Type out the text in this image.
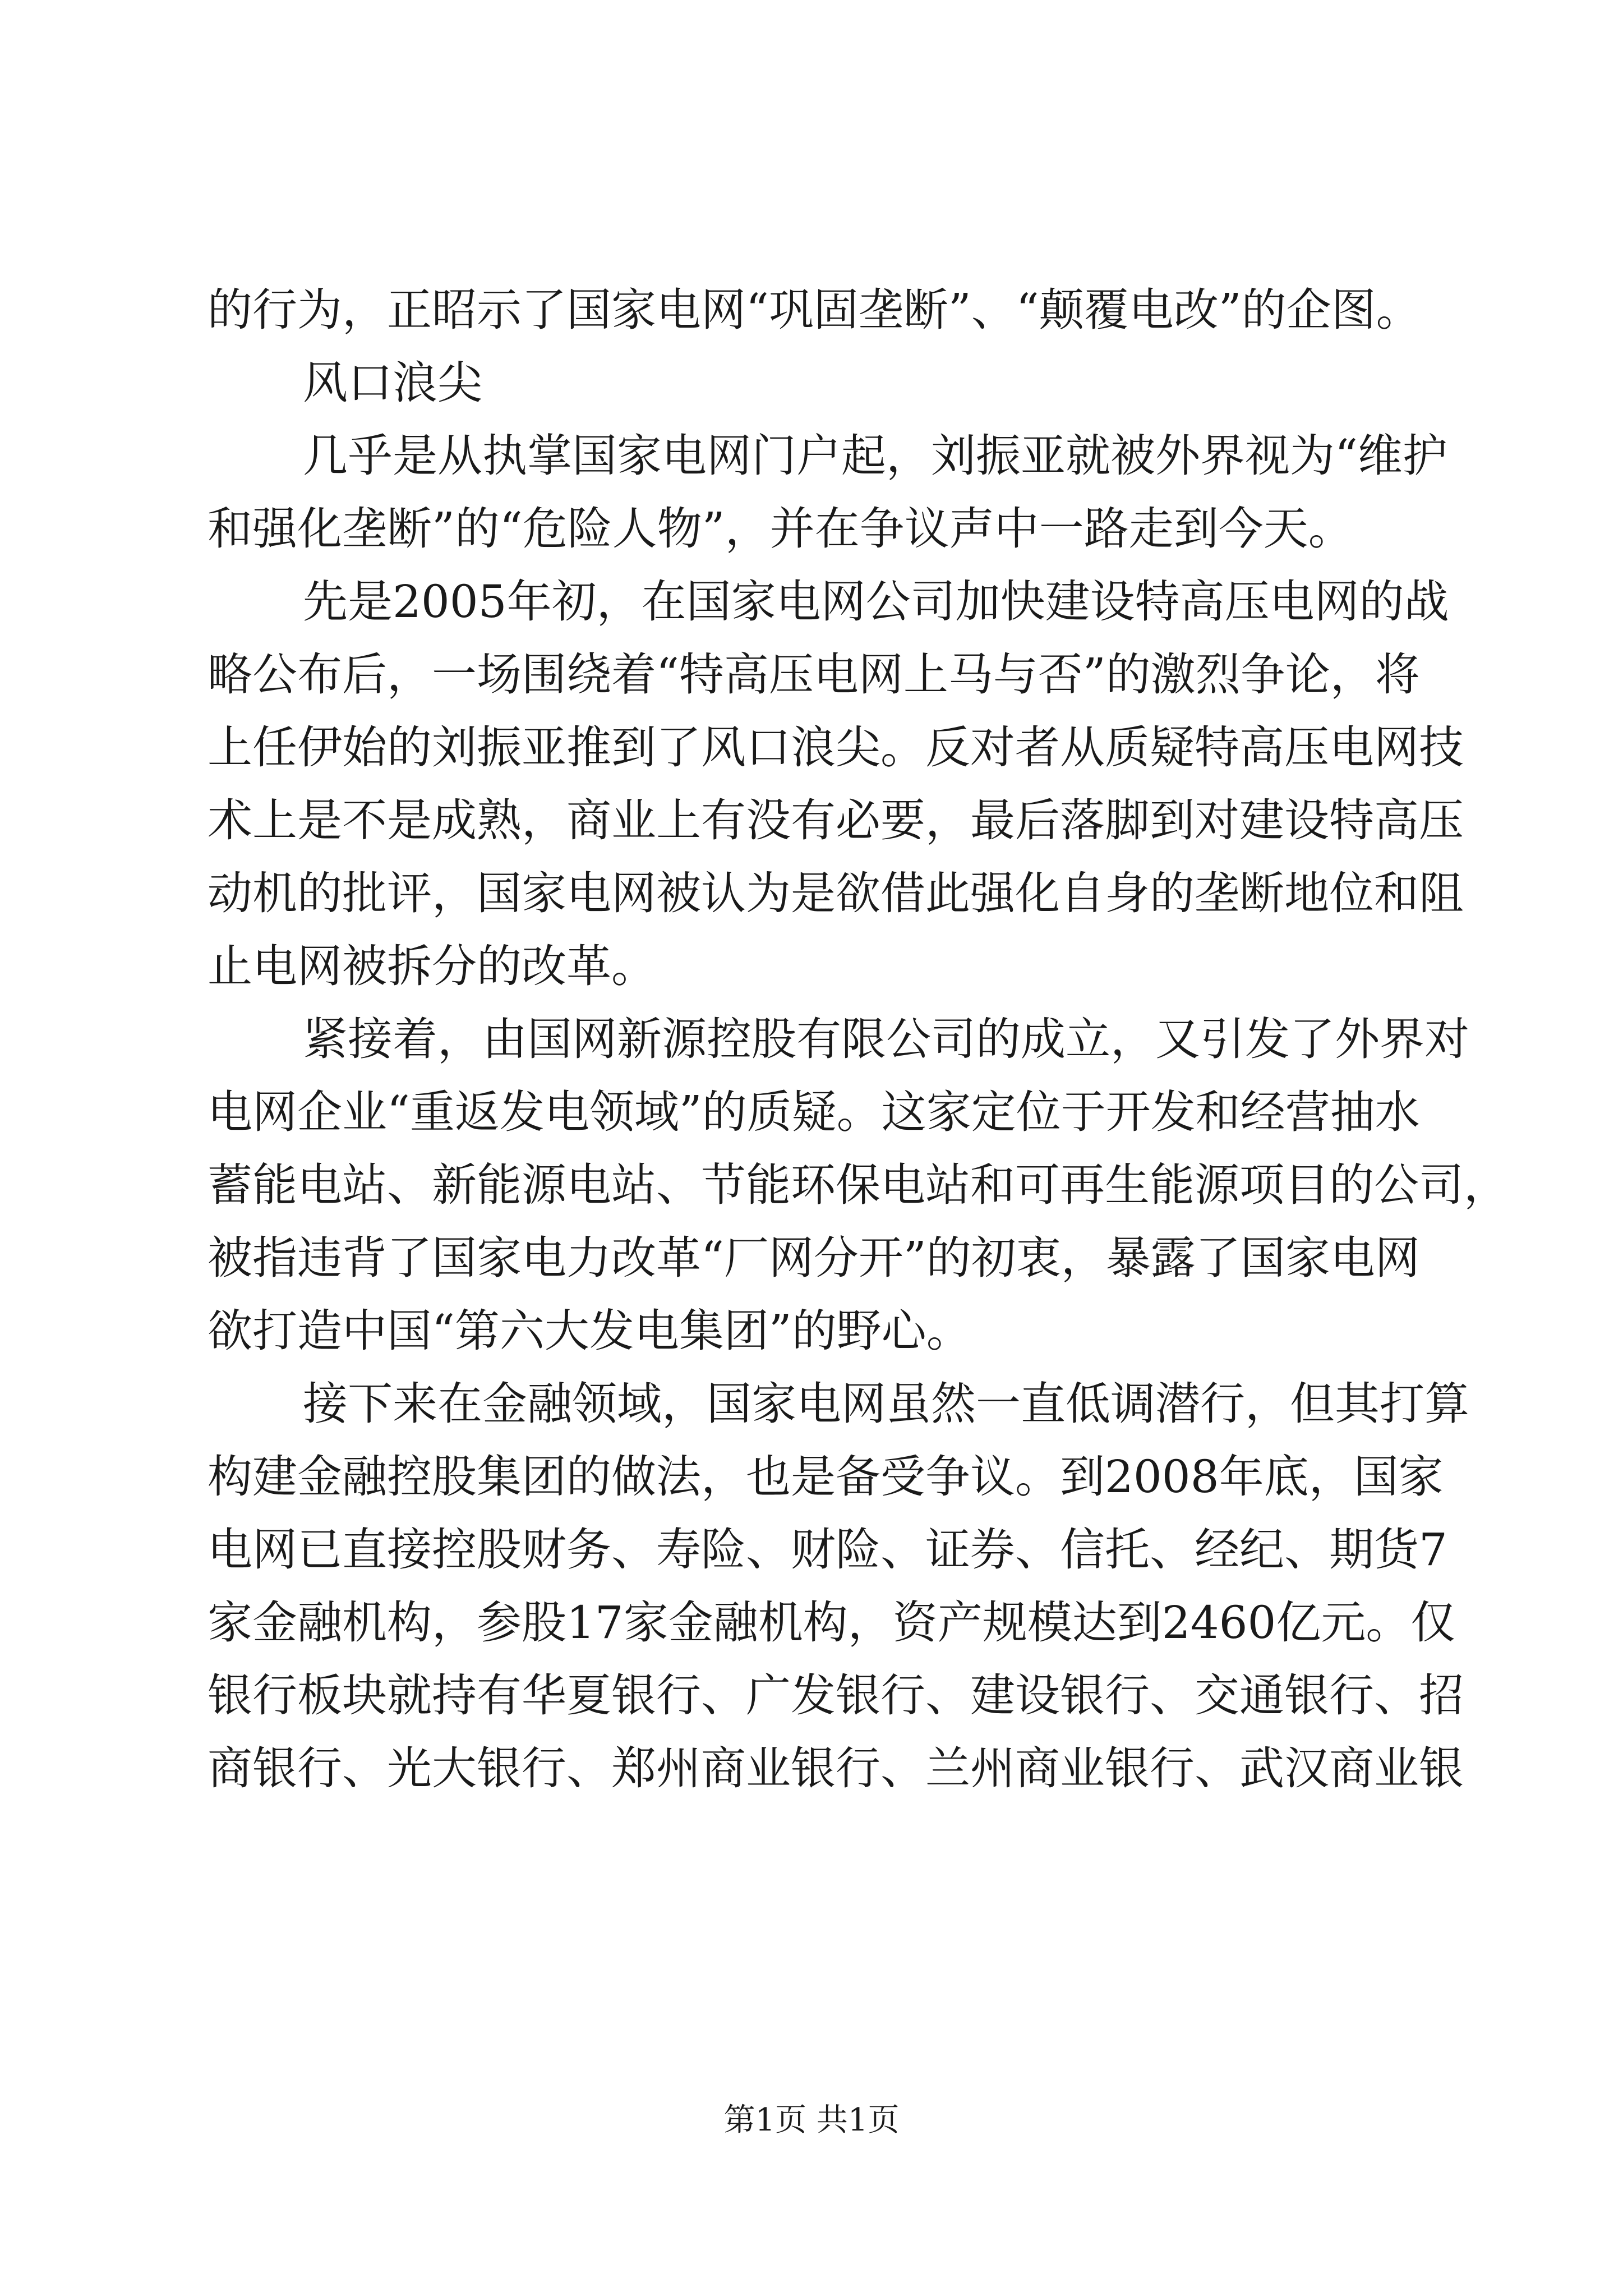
的行为，正昭示了国家电网“巩固垄断”、“颠覆电改”的企图。
风口浪尖
几乎是从执掌国家电网门户起，刘振亚就被外界视为“维护
和强化垄断”的“危险人物”，并在争议声中一路走到今天。
先是2005年初，在国家电网公司加快建设特高压电网的战
略公布后，一场围绕着“特高压电网上马与否”的激烈争论，将
上任伊始的刘振亚推到了风口浪尖。反对者从质疑特高压电网技
术上是不是成熟，商业上有没有必要，最后落脚到对建设特高压
动机的批评，国家电网被认为是欲借此强化自身的垄断地位和阻
止电网被拆分的改革。
紧接着，由国网新源控股有限公司的成立，又引发了外界对
电网企业“重返发电领域”的质疑。这家定位于开发和经营抽水
蓄能电站、新能源电站、节能环保电站和可再生能源项目的公司，
被指违背了国家电力改革“厂网分开”的初衷，暴露了国家电网
欲打造中国“第六大发电集团”的野心。
接下来在金融领域，国家电网虽然一直低调潜行，但其打算
构建金融控股集团的做法，也是备受争议。到2008年底，国家
电网已直接控股财务、寿险、财险、证券、信托、经纪、期货7
家金融机构，参股17家金融机构，资产规模达到2460亿元。仅
银行板块就持有华夏银行、广发银行、建设银行、交通银行、招
商银行、光大银行、郑州商业银行、兰州商业银行、武汉商业银
第1页 共1页
